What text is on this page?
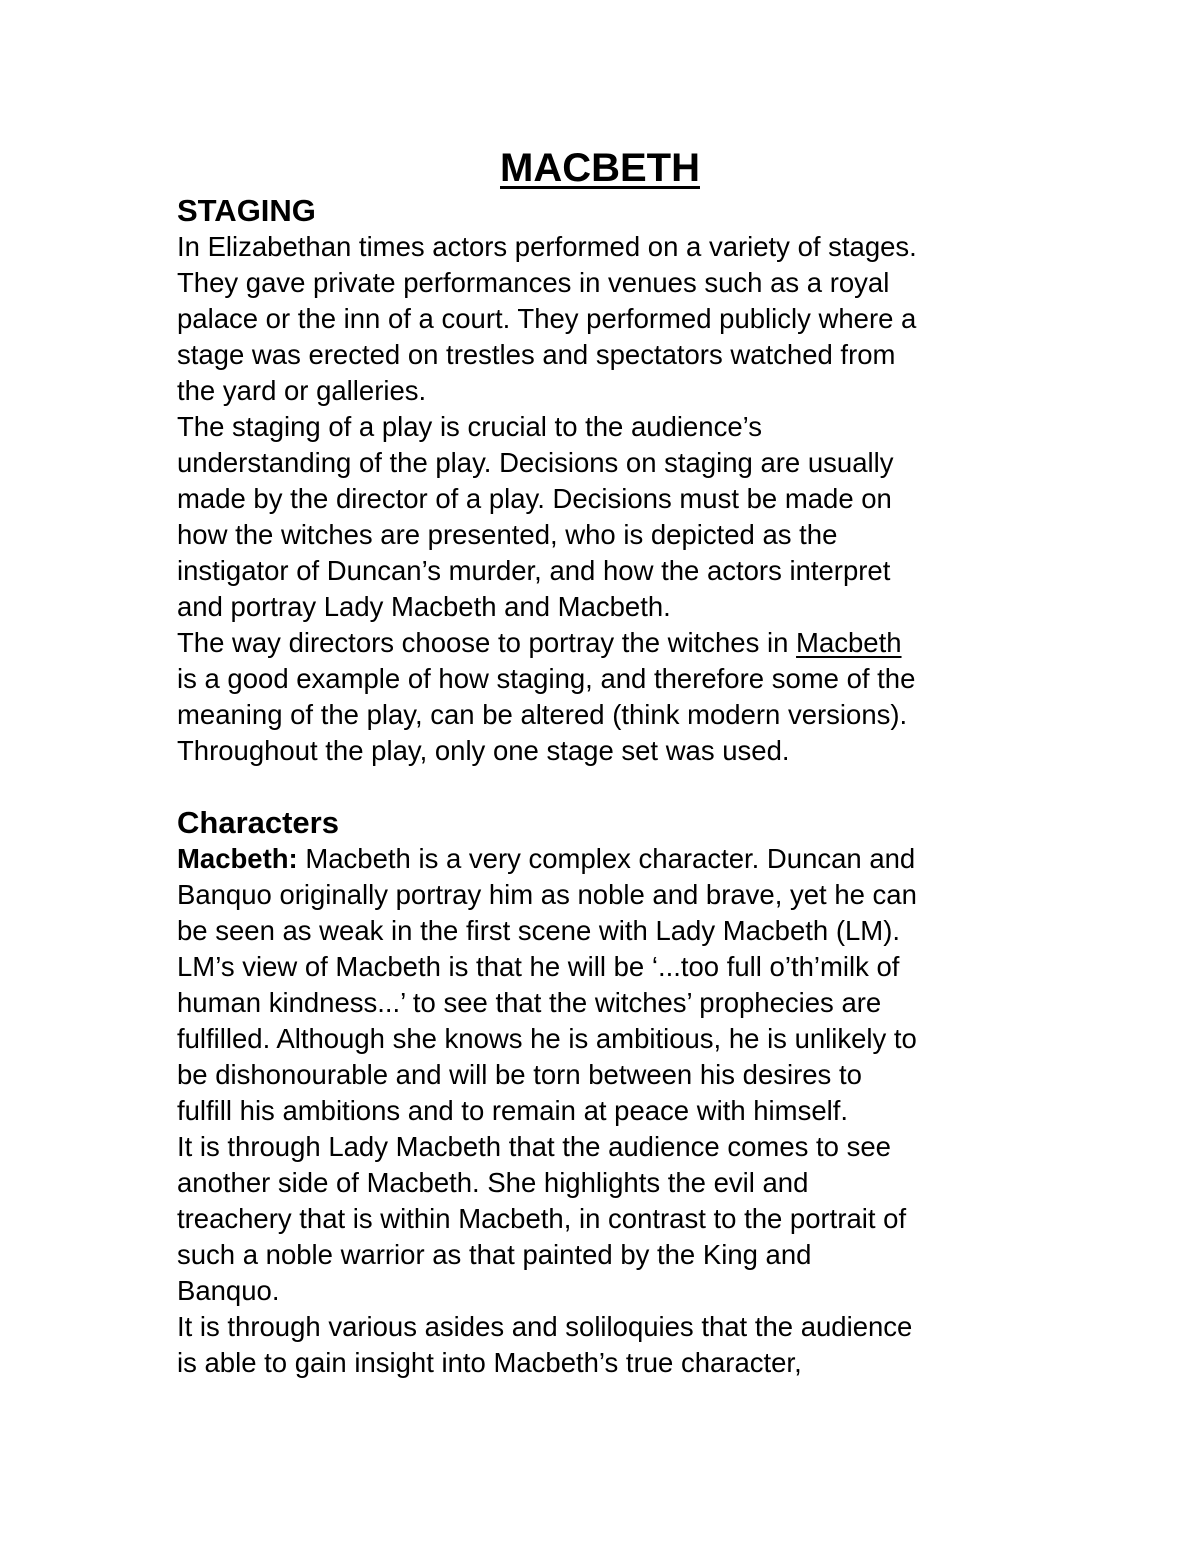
MACBETH
STAGING
In Elizabethan times actors performed on a variety of stages.
They gave private performances in venues such as a royal
palace or the inn of a court. They performed publicly where a
stage was erected on trestles and spectators watched from
the yard or galleries.
The staging of a play is crucial to the audience’s
understanding of the play. Decisions on staging are usually
made by the director of a play. Decisions must be made on
how the witches are presented, who is depicted as the
instigator of Duncan’s murder, and how the actors interpret
and portray Lady Macbeth and Macbeth.
The way directors choose to portray the witches in Macbeth
is a good example of how staging, and therefore some of the
meaning of the play, can be altered (think modern versions).
Throughout the play, only one stage set was used.
Characters
Macbeth: Macbeth is a very complex character. Duncan and
Banquo originally portray him as noble and brave, yet he can
be seen as weak in the first scene with Lady Macbeth (LM).
LM’s view of Macbeth is that he will be ‘...too full o’th’milk of
human kindness...’ to see that the witches’ prophecies are
fulfilled. Although she knows he is ambitious, he is unlikely to
be dishonourable and will be torn between his desires to
fulfill his ambitions and to remain at peace with himself.
It is through Lady Macbeth that the audience comes to see
another side of Macbeth. She highlights the evil and
treachery that is within Macbeth, in contrast to the portrait of
such a noble warrior as that painted by the King and
Banquo.
It is through various asides and soliloquies that the audience
is able to gain insight into Macbeth’s true character,
